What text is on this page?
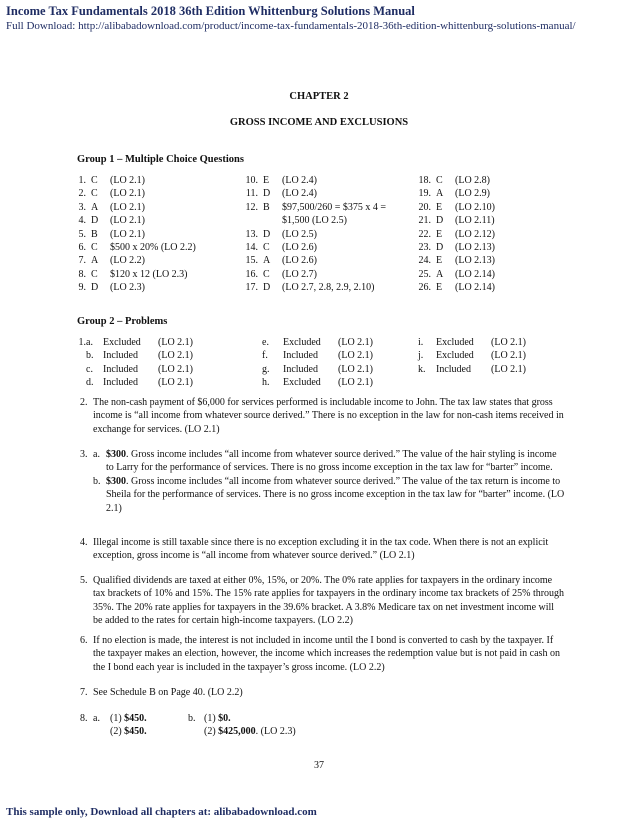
Income Tax Fundamentals 2018 36th Edition Whittenburg Solutions Manual
Full Download: http://alibabadownload.com/product/income-tax-fundamentals-2018-36th-edition-whittenburg-solutions-manual/
CHAPTER 2
GROSS INCOME AND EXCLUSIONS
Group 1 – Multiple Choice Questions
1. C	(LO 2.1)
2. C	(LO 2.1)
3. A	(LO 2.1)
4. D	(LO 2.1)
5. B	(LO 2.1)
6. C	$500 x 20% (LO 2.2)
7. A	(LO 2.2)
8. C	$120 x 12 (LO 2.3)
9. D	(LO 2.3)
10. E	(LO 2.4)
11. D	(LO 2.4)
12. B	$97,500/260 = $375 x 4 =
$1,500 (LO 2.5)
13. D	(LO 2.5)
14. C	(LO 2.6)
15. A	(LO 2.6)
16. C	(LO 2.7)
17. D	(LO 2.7, 2.8, 2.9, 2.10)
18. C	(LO 2.8)
19. A	(LO 2.9)
20. E	(LO 2.10)
21. D	(LO 2.11)
22. E	(LO 2.12)
23. D	(LO 2.13)
24. E	(LO 2.13)
25. A	(LO 2.14)
26. E	(LO 2.14)
Group 2 – Problems
1. a.	Excluded	(LO 2.1)
b. Included	(LO 2.1)
c.	Included	(LO 2.1)
d. Included	(LO 2.1)
e.	Excluded	(LO 2.1)
f.	Included	(LO 2.1)
g.	Included	(LO 2.1)
h.	Excluded	(LO 2.1)
i.	Excluded	(LO 2.1)
j.	Excluded	(LO 2.1)
k.	Included	(LO 2.1)
2. The non-cash payment of $6,000 for services performed is includable income to John. The tax law states that gross income is “all income from whatever source derived.” There is no exception in the law for non-cash items received in exchange for services. (LO 2.1)
3. a. $300. Gross income includes “all income from whatever source derived.” The value of the hair styling is income to Larry for the performance of services. There is no gross income exception in the tax law for “barter” income.
b. $300. Gross income includes “all income from whatever source derived.” The value of the tax return is income to Sheila for the performance of services. There is no gross income exception in the tax law for “barter” income. (LO 2.1)
4. Illegal income is still taxable since there is no exception excluding it in the tax code. When there is not an explicit exception, gross income is “all income from whatever source derived.” (LO 2.1)
5. Qualified dividends are taxed at either 0%, 15%, or 20%. The 0% rate applies for taxpayers in the ordinary income tax brackets of 10% and 15%. The 15% rate applies for taxpayers in the ordinary income tax brackets of 25% through 35%. The 20% rate applies for taxpayers in the 39.6% bracket. A 3.8% Medicare tax on net investment income will be added to the rates for certain high-income taxpayers. (LO 2.2)
6. If no election is made, the interest is not included in income until the I bond is converted to cash by the taxpayer. If the taxpayer makes an election, however, the income which increases the redemption value but is not paid in cash on the I bond each year is included in the taxpayer’s gross income. (LO 2.2)
7. See Schedule B on Page 40. (LO 2.2)
8. a. (1) $450.
(2) $450.
b. (1) $0.
(2) $425,000. (LO 2.3)
37
This sample only, Download all chapters at: alibabadownload.com
